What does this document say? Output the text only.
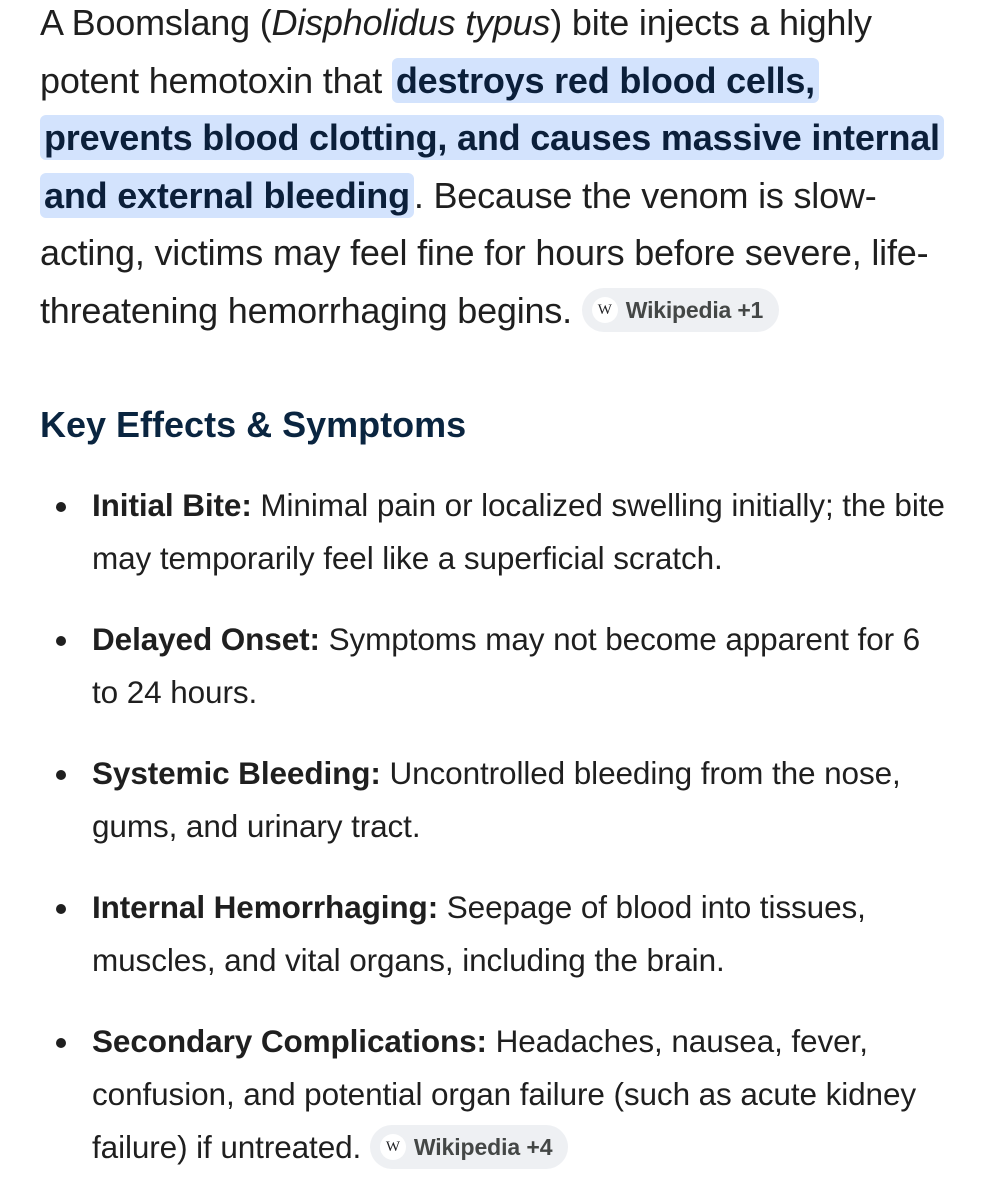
A Boomslang (Dispholidus typus) bite injects a highly potent hemotoxin that destroys red blood cells, prevents blood clotting, and causes massive internal and external bleeding . Because the venom is slow-acting, victims may feel fine for hours before severe, life-threatening hemorrhaging begins.	W Wikipedia +1

Key Effects & Symptoms
Initial Bite: Minimal pain or localized swelling initially; the bite may temporarily feel like a superficial scratch.
Delayed Onset: Symptoms may not become apparent for 6 to 24 hours.
Systemic Bleeding: Uncontrolled bleeding from the nose, gums, and urinary tract.
Internal Hemorrhaging: Seepage of blood into tissues, muscles, and vital organs, including the brain.
Secondary Complications: Headaches, nausea, fever, confusion, and potential organ failure (such as acute kidney failure) if untreated.	W Wikipedia +4
